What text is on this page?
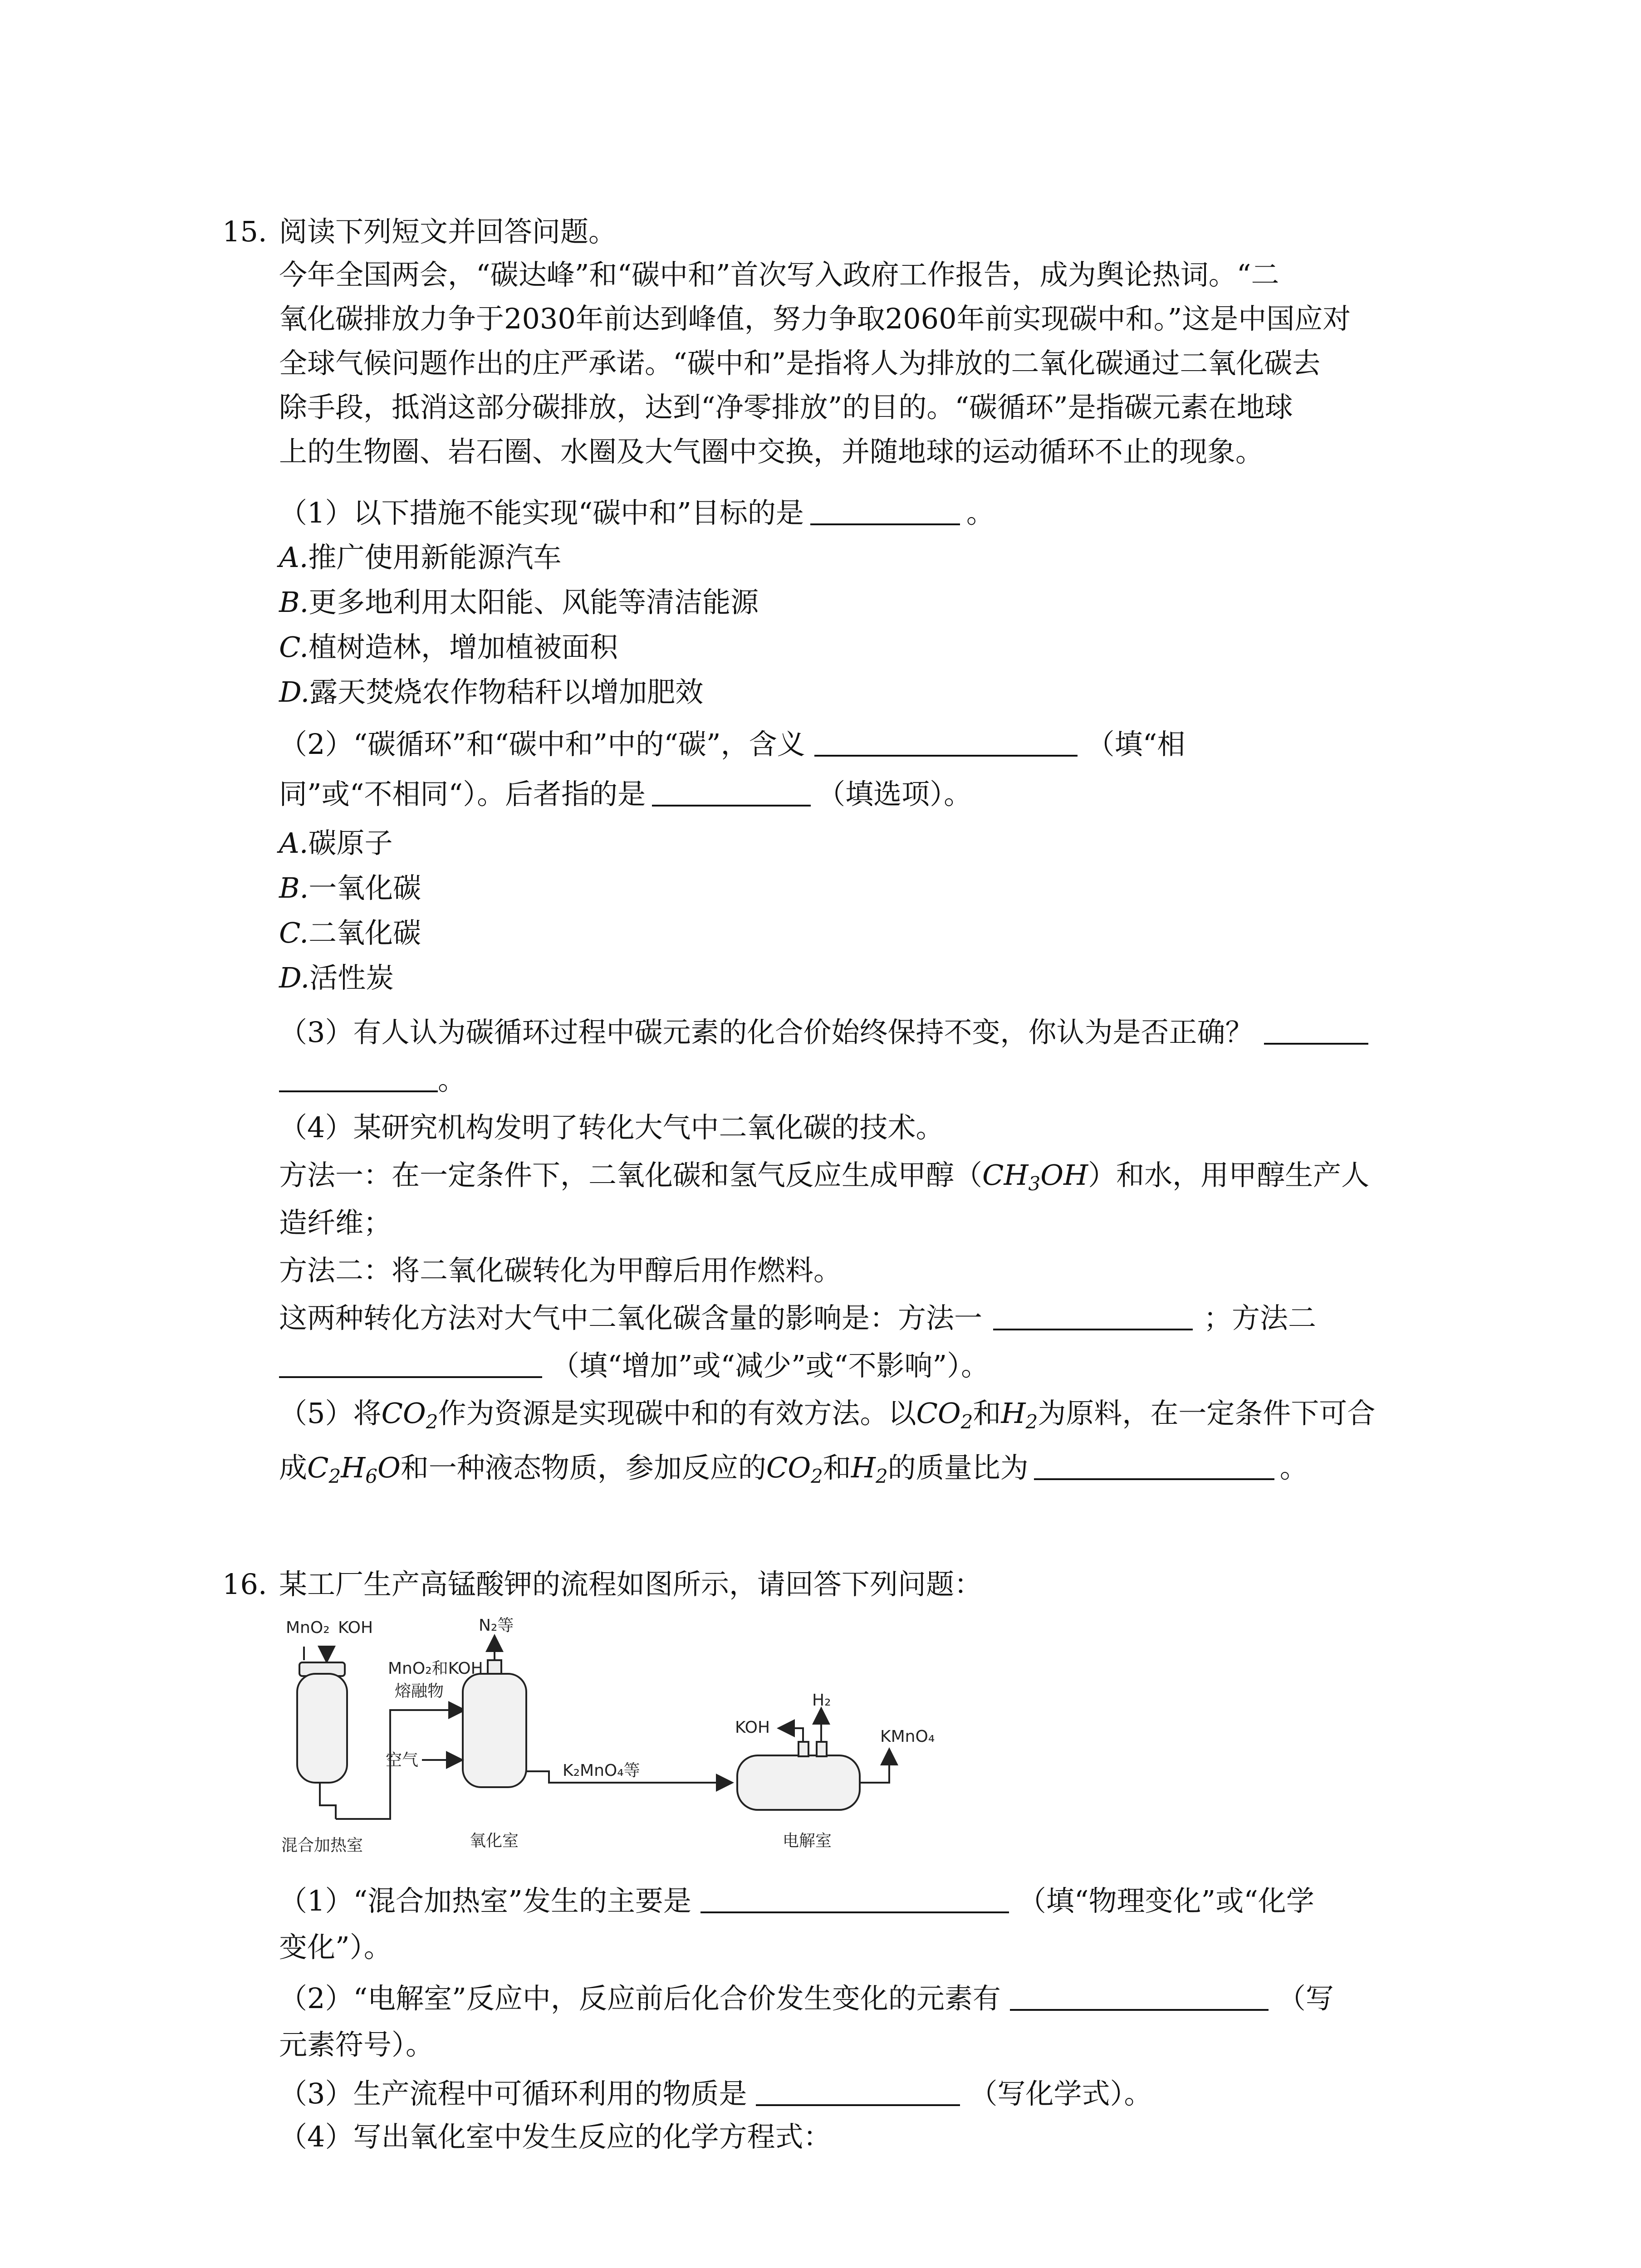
15. 阅读下列短文并回答问题。
今年全国两会，“碳达峰”和“碳中和”首次写入政府工作报告，成为舆论热词。“二
氧化碳排放力争于2030年前达到峰值，努力争取2060年前实现碳中和。”这是中国应对
全球气候问题作出的庄严承诺。“碳中和”是指将人为排放的二氧化碳通过二氧化碳去
除手段，抵消这部分碳排放，达到“净零排放”的目的。“碳循环”是指碳元素在地球
上的生物圈、岩石圈、水圈及大气圈中交换，并随地球的运动循环不止的现象。
（1）以下措施不能实现“碳中和”目标的是	。
A.推广使用新能源汽车
B.更多地利用太阳能、风能等清洁能源
C.植树造林，增加植被面积
D.露天焚烧农作物秸秆以增加肥效
（2）“碳循环”和“碳中和”中的“碳”，含义	（填“相
同”或“不相同“）。后者指的是	（填选项）。
A.碳原子
B.一氧化碳
C.二氧化碳
D.活性炭
（3）有人认为碳循环过程中碳元素的化合价始终保持不变，你认为是否正确？
。
（4）某研究机构发明了转化大气中二氧化碳的技术。
方法一：在一定条件下，二氧化碳和氢气反应生成甲醇$(CH_3OH)$和水，用甲醇生产人
造纤维；
方法二：将二氧化碳转化为甲醇后用作燃料。
这两种转化方法对大气中二氧化碳含量的影响是：方法一	；方法二
（填“增加”或“减少”或“不影响”）。
（5）将$CO_2$作为资源是实现碳中和的有效方法。以$CO_2$和$H_2$为原料，在一定条件下可合
成$C_2H_6O$和一种液态物质，参加反应的$CO_2$和$H_2$的质量比为	。
16. 某工厂生产高锰酸钾的流程如图所示，请回答下列问题：
MnO₂ KOH
MnO₂和KOH
熔融物
N₂等
空气
K₂MnO₄等
KOH
H₂
KMnO₄
混合加热室	氧化室	电解室
（1）“混合加热室”发生的主要是	（填“物理变化”或“化学
变化”）。
（2）“电解室”反应中，反应前后化合价发生变化的元素有	（写
元素符号）。
（3）生产流程中可循环利用的物质是	（写化学式）。
（4）写出氧化室中发生反应的化学方程式：
